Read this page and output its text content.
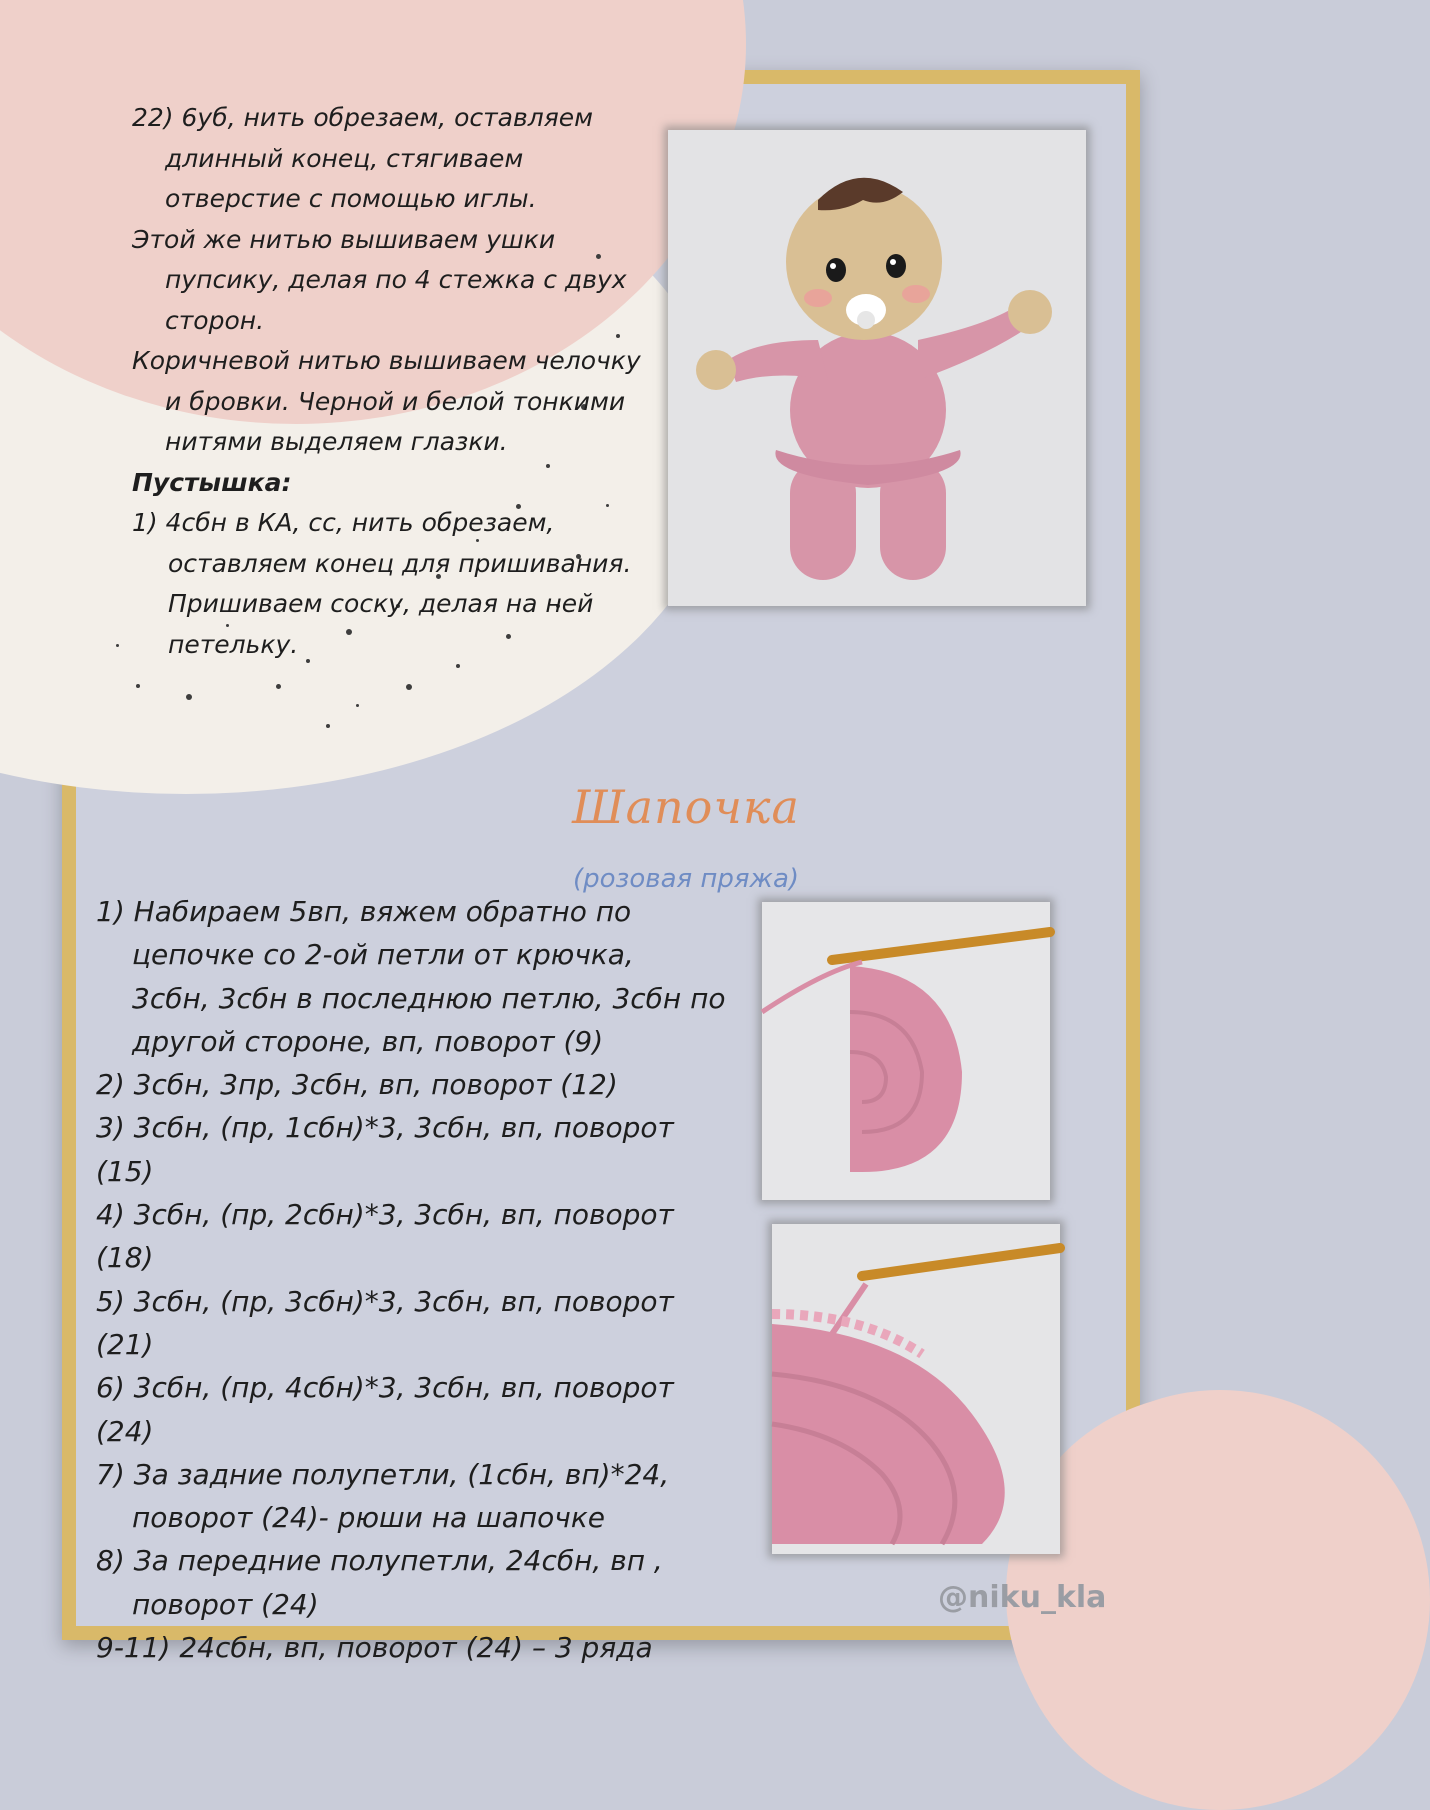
22) 6уб, нить обрезаем, оставляем

длинный конец, стягиваем

отверстие с помощью иглы.

Этой же нитью вышиваем ушки

пупсику, делая по 4 стежка с двух

сторон.

Коричневой нитью вышиваем челочку

и бровки. Черной и белой тонкими

нитями выделяем глазки.

Пустышка:

1) 4сбн в КА, сс, нить обрезаем,

оставляем конец для пришивания.

Пришиваем соску, делая на ней

петельку.

Шапочка
(розовая пряжа)

1) Набираем 5вп, вяжем обратно по

цепочке со 2-ой петли от крючка,

3сбн, 3сбн в последнюю петлю, 3сбн по

другой стороне, вп, поворот (9)

2) 3сбн, 3пр, 3сбн, вп, поворот (12)

3) 3сбн, (пр, 1сбн)*3, 3сбн, вп, поворот (15)

4) 3сбн, (пр, 2сбн)*3, 3сбн, вп, поворот (18)

5) 3сбн, (пр, 3сбн)*3, 3сбн, вп, поворот (21)

6) 3сбн, (пр, 4сбн)*3, 3сбн, вп, поворот (24)

7) За задние полупетли, (1сбн, вп)*24,

поворот (24)- рюши на шапочке

8) За передние полупетли, 24сбн, вп ,

поворот (24)

9-11) 24сбн, вп, поворот (24) – 3 ряда

@niku_kla
